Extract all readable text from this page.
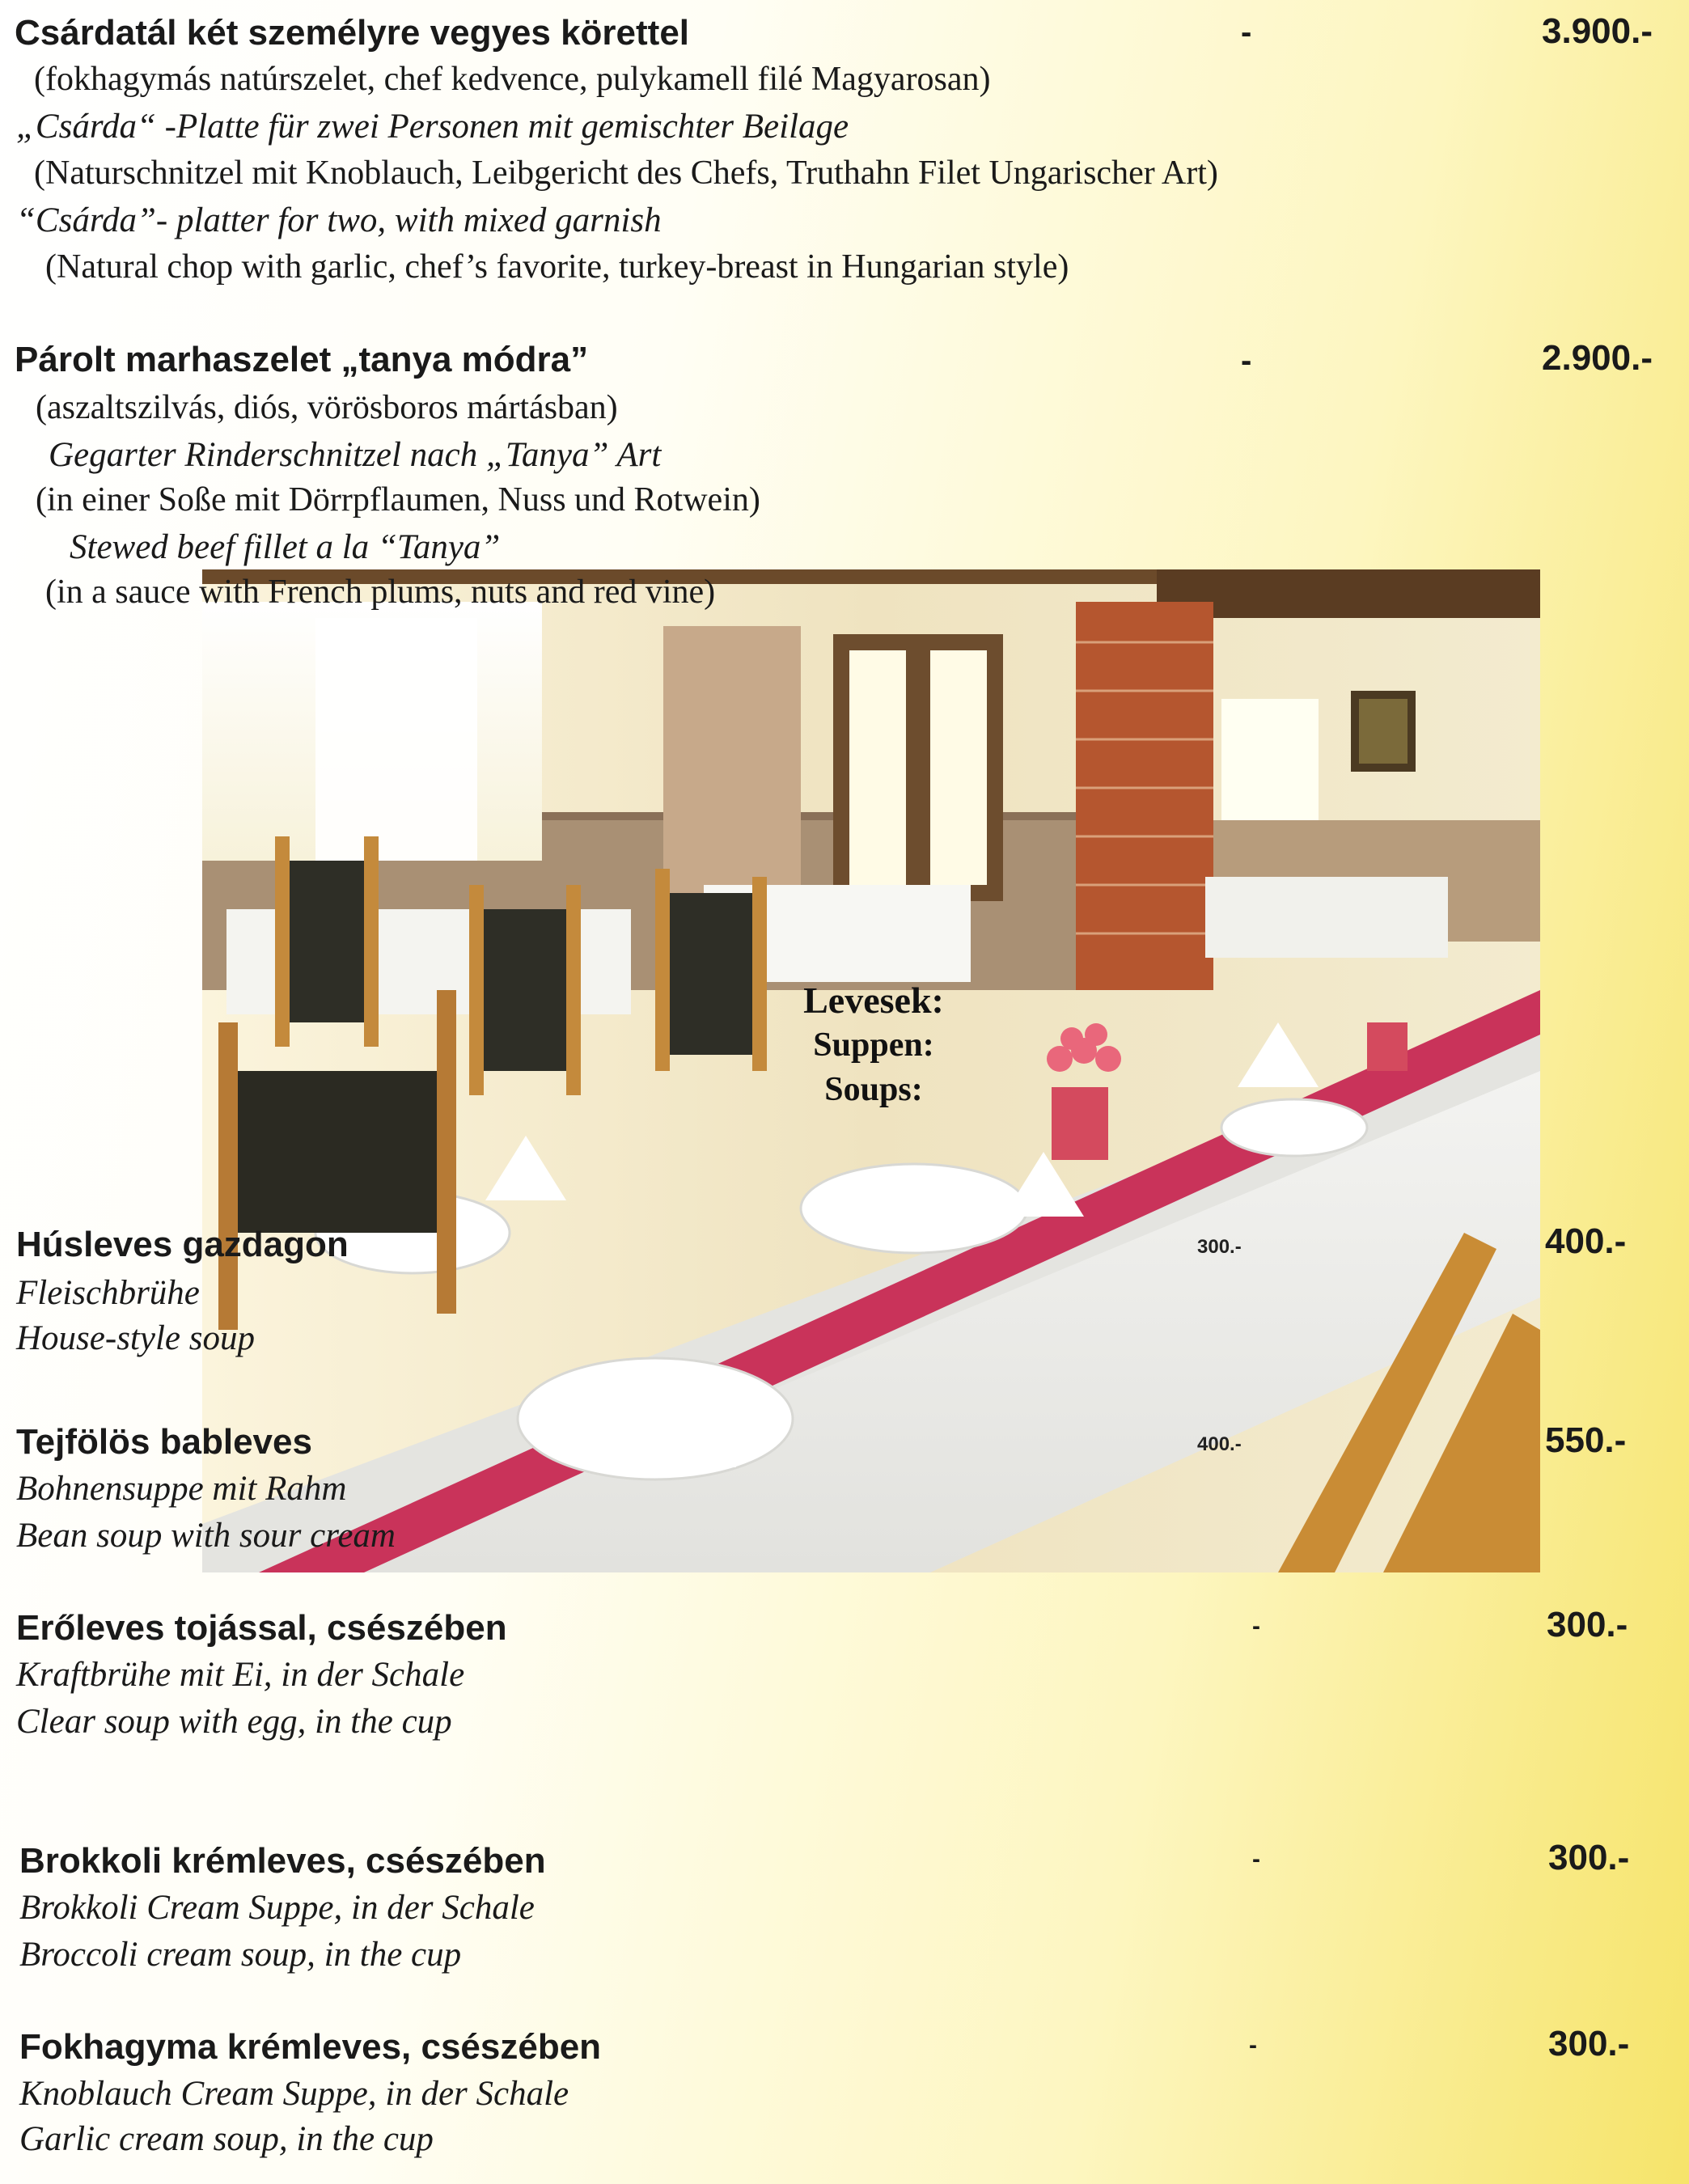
Levesek:
Suppen:
Soups:
Csárdatál két személyre vegyes körettel
(fokhagymás natúrszelet, chef kedvence, pulykamell filé Magyarosan)
„Csárda“ -Platte für zwei Personen mit gemischter Beilage
(Naturschnitzel mit Knoblauch, Leibgericht des Chefs, Truthahn Filet Ungarischer Art)
“Csárda”- platter for two, with mixed garnish
(Natural chop with garlic, chef’s favorite, turkey-breast in Hungarian style)
-	3.900.-
Párolt marhaszelet „tanya módra”
(aszaltszilvás, diós, vörösboros mártásban)
Gegarter Rinderschnitzel nach „Tanya” Art
(in einer Soße mit Dörrpflaumen, Nuss und Rotwein)
Stewed beef fillet a la “Tanya”
(in a sauce with French plums, nuts and red vine)
-	2.900.-
Húsleves gazdagon
Fleischbrühe
House-style soup
300.-	400.-
Tejfölös bableves
Bohnensuppe mit Rahm
Bean soup with sour cream
400.-	550.-
Erőleves tojással, csészében
Kraftbrühe mit Ei, in der Schale
Clear soup with egg, in the cup
-	300.-
Brokkoli krémleves, csészében
Brokkoli Cream Suppe, in der Schale
Broccoli cream soup, in the cup
-	300.-
Fokhagyma krémleves, csészében
Knoblauch Cream Suppe, in der Schale
Garlic cream soup, in the cup
-	300.-
